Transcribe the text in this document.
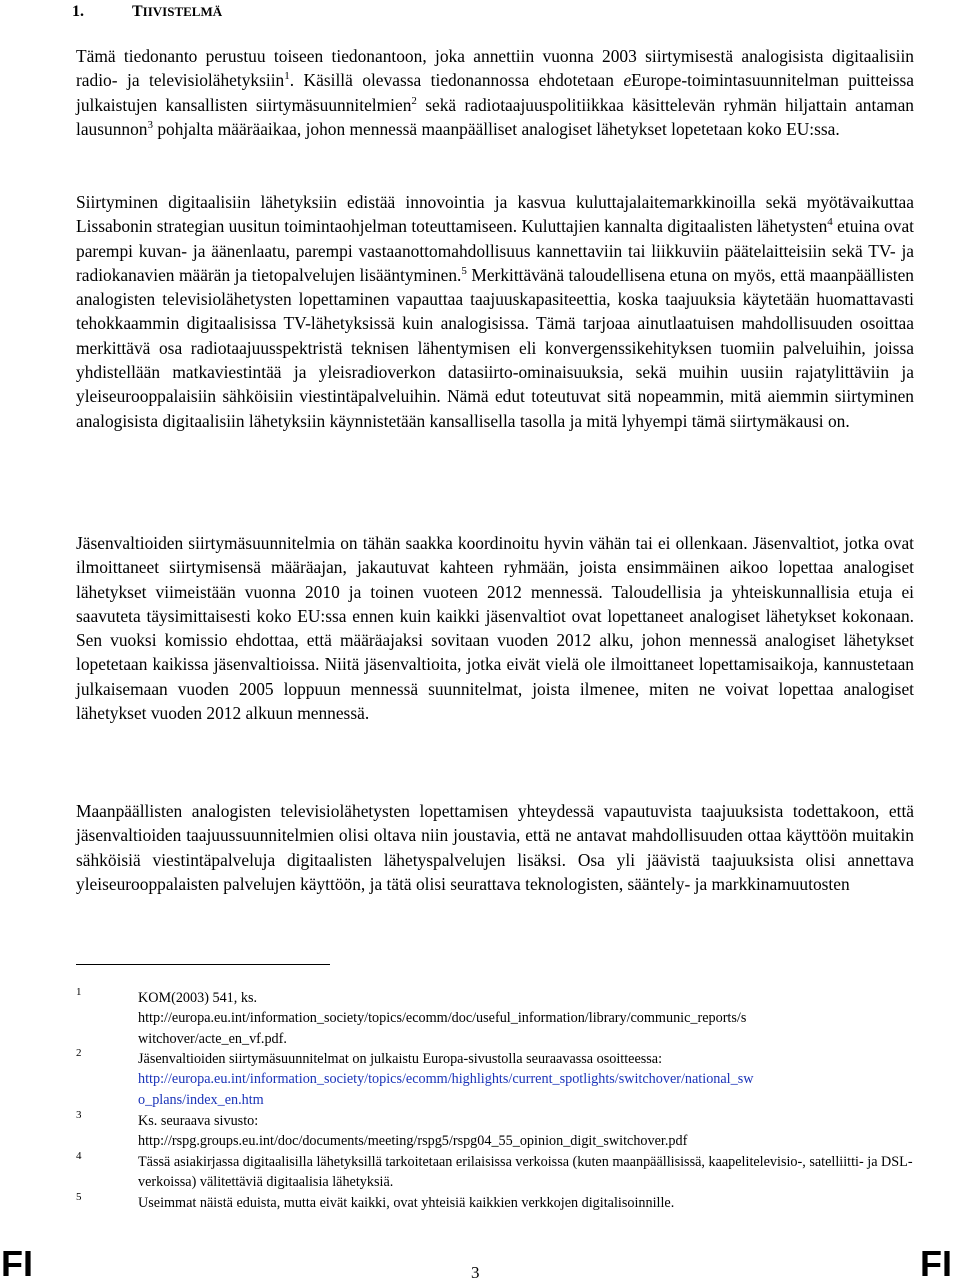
1.	TIIVISTELMÄ

Tämä tiedonanto perustuu toiseen tiedonantoon, joka annettiin vuonna 2003 siirtymisestä analogisista digitaalisiin radio- ja televisiolähetyksiin$^1$. Käsillä olevassa tiedonannossa ehdotetaan eEurope-toimintasuunnitelman puitteissa julkaistujen kansallisten siirtymäsuunnitelmien$^2$ sekä radiotaajuuspolitiikkaa käsittelevän ryhmän hiljattain antaman lausunnon$^3$ pohjalta määräaikaa, johon mennessä maanpäälliset analogiset lähetykset lopetetaan koko EU:ssa.

Siirtyminen digitaalisiin lähetyksiin edistää innovointia ja kasvua kuluttajalaitemarkkinoilla sekä myötävaikuttaa Lissabonin strategian uusitun toimintaohjelman toteuttamiseen. Kuluttajien kannalta digitaalisten lähetysten$^4$ etuina ovat parempi kuvan- ja äänenlaatu, parempi vastaanottomahdollisuus kannettaviin tai liikkuviin päätelaitteisiin sekä TV- ja radiokanavien määrän ja tietopalvelujen lisääntyminen.$^5$ Merkittävänä taloudellisena etuna on myös, että maanpäällisten analogisten televisiolähetysten lopettaminen vapauttaa taajuuskapasiteettia, koska taajuuksia käytetään huomattavasti tehokkaammin digitaalisissa TV-lähetyksissä kuin analogisissa. Tämä tarjoaa ainutlaatuisen mahdollisuuden osoittaa merkittävä osa radiotaajuusspektristä teknisen lähentymisen eli konvergenssikehityksen tuomiin palveluihin, joissa yhdistellään matkaviestintää ja yleisradioverkon datasiirto-ominaisuuksia, sekä muihin uusiin rajatylittäviin ja yleiseurooppalaisiin sähköisiin viestintäpalveluihin. Nämä edut toteutuvat sitä nopeammin, mitä aiemmin siirtyminen analogisista digitaalisiin lähetyksiin käynnistetään kansallisella tasolla ja mitä lyhyempi tämä siirtymäkausi on.

Jäsenvaltioiden siirtymäsuunnitelmia on tähän saakka koordinoitu hyvin vähän tai ei ollenkaan. Jäsenvaltiot, jotka ovat ilmoittaneet siirtymisensä määräajan, jakautuvat kahteen ryhmään, joista ensimmäinen aikoo lopettaa analogiset lähetykset viimeistään vuonna 2010 ja toinen vuoteen 2012 mennessä. Taloudellisia ja yhteiskunnallisia etuja ei saavuteta täysimittaisesti koko EU:ssa ennen kuin kaikki jäsenvaltiot ovat lopettaneet analogiset lähetykset kokonaan. Sen vuoksi komissio ehdottaa, että määräajaksi sovitaan vuoden 2012 alku, johon mennessä analogiset lähetykset lopetetaan kaikissa jäsenvaltioissa. Niitä jäsenvaltioita, jotka eivät vielä ole ilmoittaneet lopettamisaikoja, kannustetaan julkaisemaan vuoden 2005 loppuun mennessä suunnitelmat, joista ilmenee, miten ne voivat lopettaa analogiset lähetykset vuoden 2012 alkuun mennessä.

Maanpäällisten analogisten televisiolähetysten lopettamisen yhteydessä vapautuvista taajuuksista todettakoon, että jäsenvaltioiden taajuussuunnitelmien olisi oltava niin joustavia, että ne antavat mahdollisuuden ottaa käyttöön muitakin sähköisiä viestintäpalveluja digitaalisten lähetyspalvelujen lisäksi. Osa yli jäävistä taajuuksista olisi annettava yleiseurooppalaisten palvelujen käyttöön, ja tätä olisi seurattava teknologisten, sääntely- ja markkinamuutosten

1	KOM(2003) 541, ks.
http://europa.eu.int/information_society/topics/ecomm/doc/useful_information/library/communic_reports/s
witchover/acte_en_vf.pdf.
2	Jäsenvaltioiden siirtymäsuunnitelmat on julkaistu Europa-sivustolla seuraavassa osoitteessa:
http://europa.eu.int/information_society/topics/ecomm/highlights/current_spotlights/switchover/national_sw
o_plans/index_en.htm
3	Ks. seuraava sivusto:
http://rspg.groups.eu.int/doc/documents/meeting/rspg5/rspg04_55_opinion_digit_switchover.pdf
4	Tässä asiakirjassa digitaalisilla lähetyksillä tarkoitetaan erilaisissa verkoissa (kuten maanpäällisissä, kaapelitelevisio-, satelliitti- ja DSL-verkoissa) välitettäviä digitaalisia lähetyksiä.
5	Useimmat näistä eduista, mutta eivät kaikki, ovat yhteisiä kaikkien verkkojen digitalisoinnille.
FI	3	FI
